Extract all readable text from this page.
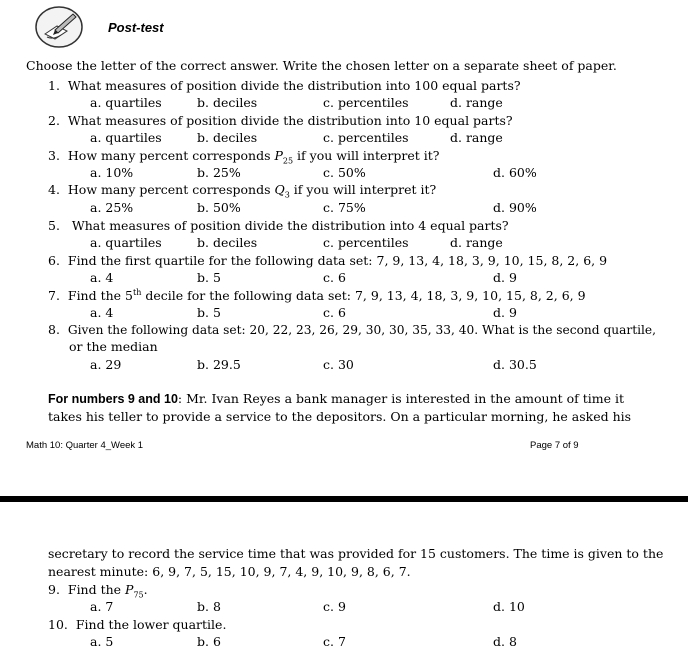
Post-test
Choose the letter of the correct answer. Write the chosen letter on a separate sheet of paper.
1. What measures of position divide the distribution into 100 equal parts?
a. quartiles	b. deciles	c. percentiles	d. range
2. What measures of position divide the distribution into 10 equal parts?
a. quartiles	b. deciles	c. percentiles	d. range
3. How many percent corresponds $P_{25}$ if you will interpret it?
a. 10%	b. 25%	c. 50%	d. 60%
4. How many percent corresponds $Q_3$ if you will interpret it?
a. 25%	b. 50%	c. 75%	d. 90%
5. What measures of position divide the distribution into 4 equal parts?
a. quartiles	b. deciles	c. percentiles	d. range
6. Find the first quartile for the following data set: 7, 9, 13, 4, 18, 3, 9, 10, 15, 8, 2, 6, 9
a. 4	b. 5	c. 6	d. 9
7. Find the 5th decile for the following data set: 7, 9, 13, 4, 18, 3, 9, 10, 15, 8, 2, 6, 9
a. 4	b. 5	c. 6	d. 9
8. Given the following data set: 20, 22, 23, 26, 29, 30, 30, 35, 33, 40. What is the second quartile,
or the median
a. 29	b. 29.5	c. 30	d. 30.5
For numbers 9 and 10: Mr. Ivan Reyes a bank manager is interested in the amount of time it
takes his teller to provide a service to the depositors. On a particular morning, he asked his
Math 10: Quarter 4_Week 1	Page 7 of 9
secretary to record the service time that was provided for 15 customers. The time is given to the
nearest minute: 6, 9, 7, 5, 15, 10, 9, 7, 4, 9, 10, 9, 8, 6, 7.
9. Find the $P_{75}$.
a. 7	b. 8	c. 9	d. 10
10. Find the lower quartile.
a. 5	b. 6	c. 7	d. 8
